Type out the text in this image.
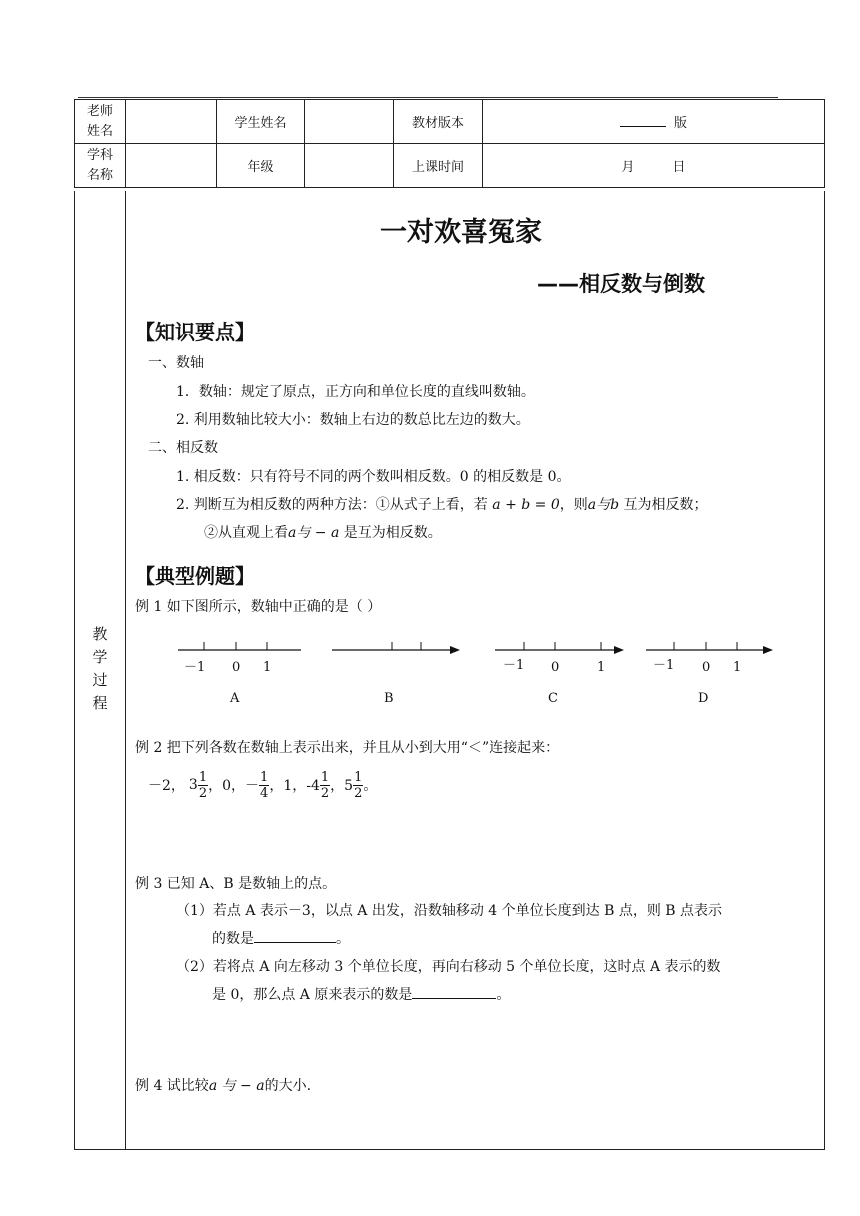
老师姓名		学生姓名		教材版本	版

学科名称		年级		上课时间	月 日
教学过程
一对欢喜冤家
——相反数与倒数
【知识要点】
一、数轴
1．数轴：规定了原点，正方向和单位长度的直线叫数轴。
2. 利用数轴比较大小：数轴上右边的数总比左边的数大。
二、相反数
1. 相反数：只有符号不同的两个数叫相反数。0 的相反数是 0。
2. 判断互为相反数的两种方法：①从式子上看，若 a + b = 0，则a与b 互为相反数；
②从直观上看a与 − a 是互为相反数。
【典型例题】
例 1 如下图所示，数轴中正确的是（ ）
－1 0 1
A	B
－1 0	1
C
－1 0 1
D
例 2 把下列各数在数轴上表示出来，并且从小到大用“＜”连接起来：
－2， $3 \frac{1}{2}$ ，0，－ $\frac{1}{4}$ ，1，$-4 \frac{1}{2}$ ，$5 \frac{1}{2}$ 。
例 3 已知 A、B 是数轴上的点。
（1）若点 A 表示－3，以点 A 出发，沿数轴移动 4 个单位长度到达 B 点，则 B 点表示
的数是	。
（2）若将点 A 向左移动 3 个单位长度，再向右移动 5 个单位长度，这时点 A 表示的数
是 0，那么点 A 原来表示的数是	。
例 4 试比较a 与 − a的大小.
